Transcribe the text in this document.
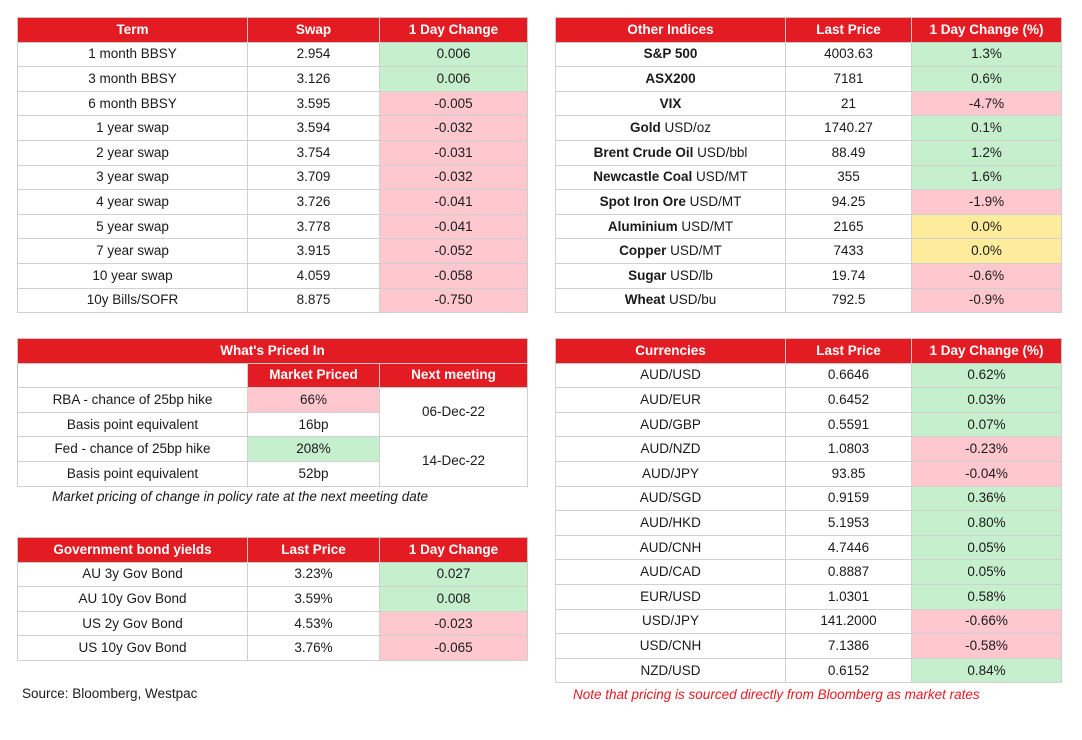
Term	Swap	1 Day Change
1 month BBSY	2.954	0.006
3 month BBSY	3.126	0.006
6 month BBSY	3.595	-0.005
1 year swap	3.594	-0.032
2 year swap	3.754	-0.031
3 year swap	3.709	-0.032
4 year swap	3.726	-0.041
5 year swap	3.778	-0.041
7 year swap	3.915	-0.052
10 year swap	4.059	-0.058
10y Bills/SOFR	8.875	-0.750
Other Indices	Last Price	1 Day Change (%)
S&P 500	4003.63	1.3%
ASX200	7181	0.6%
VIX	21	-4.7%
Gold USD/oz	1740.27	0.1%
Brent Crude Oil USD/bbl	88.49	1.2%
Newcastle Coal USD/MT	355	1.6%
Spot Iron Ore USD/MT	94.25	-1.9%
Aluminium USD/MT	2165	0.0%
Copper USD/MT	7433	0.0%
Sugar USD/lb	19.74	-0.6%
Wheat USD/bu	792.5	-0.9%
What's Priced In		
	Market Priced	Next meeting
RBA - chance of 25bp hike	66%	06-Dec-22
Basis point equivalent	16bp	
Fed - chance of 25bp hike	208%	14-Dec-22
Basis point equivalent	52bp	
Market pricing of change in policy rate at the next meeting date
Government bond yields	Last Price	1 Day Change
AU 3y Gov Bond	3.23%	0.027
AU 10y Gov Bond	3.59%	0.008
US 2y Gov Bond	4.53%	-0.023
US 10y Gov Bond	3.76%	-0.065
Currencies	Last Price	1 Day Change (%)
AUD/USD	0.6646	0.62%
AUD/EUR	0.6452	0.03%
AUD/GBP	0.5591	0.07%
AUD/NZD	1.0803	-0.23%
AUD/JPY	93.85	-0.04%
AUD/SGD	0.9159	0.36%
AUD/HKD	5.1953	0.80%
AUD/CNH	4.7446	0.05%
AUD/CAD	0.8887	0.05%
EUR/USD	1.0301	0.58%
USD/JPY	141.2000	-0.66%
USD/CNH	7.1386	-0.58%
NZD/USD	0.6152	0.84%
Source: Bloomberg, Westpac	Note that pricing is sourced directly from Bloomberg as market rates
